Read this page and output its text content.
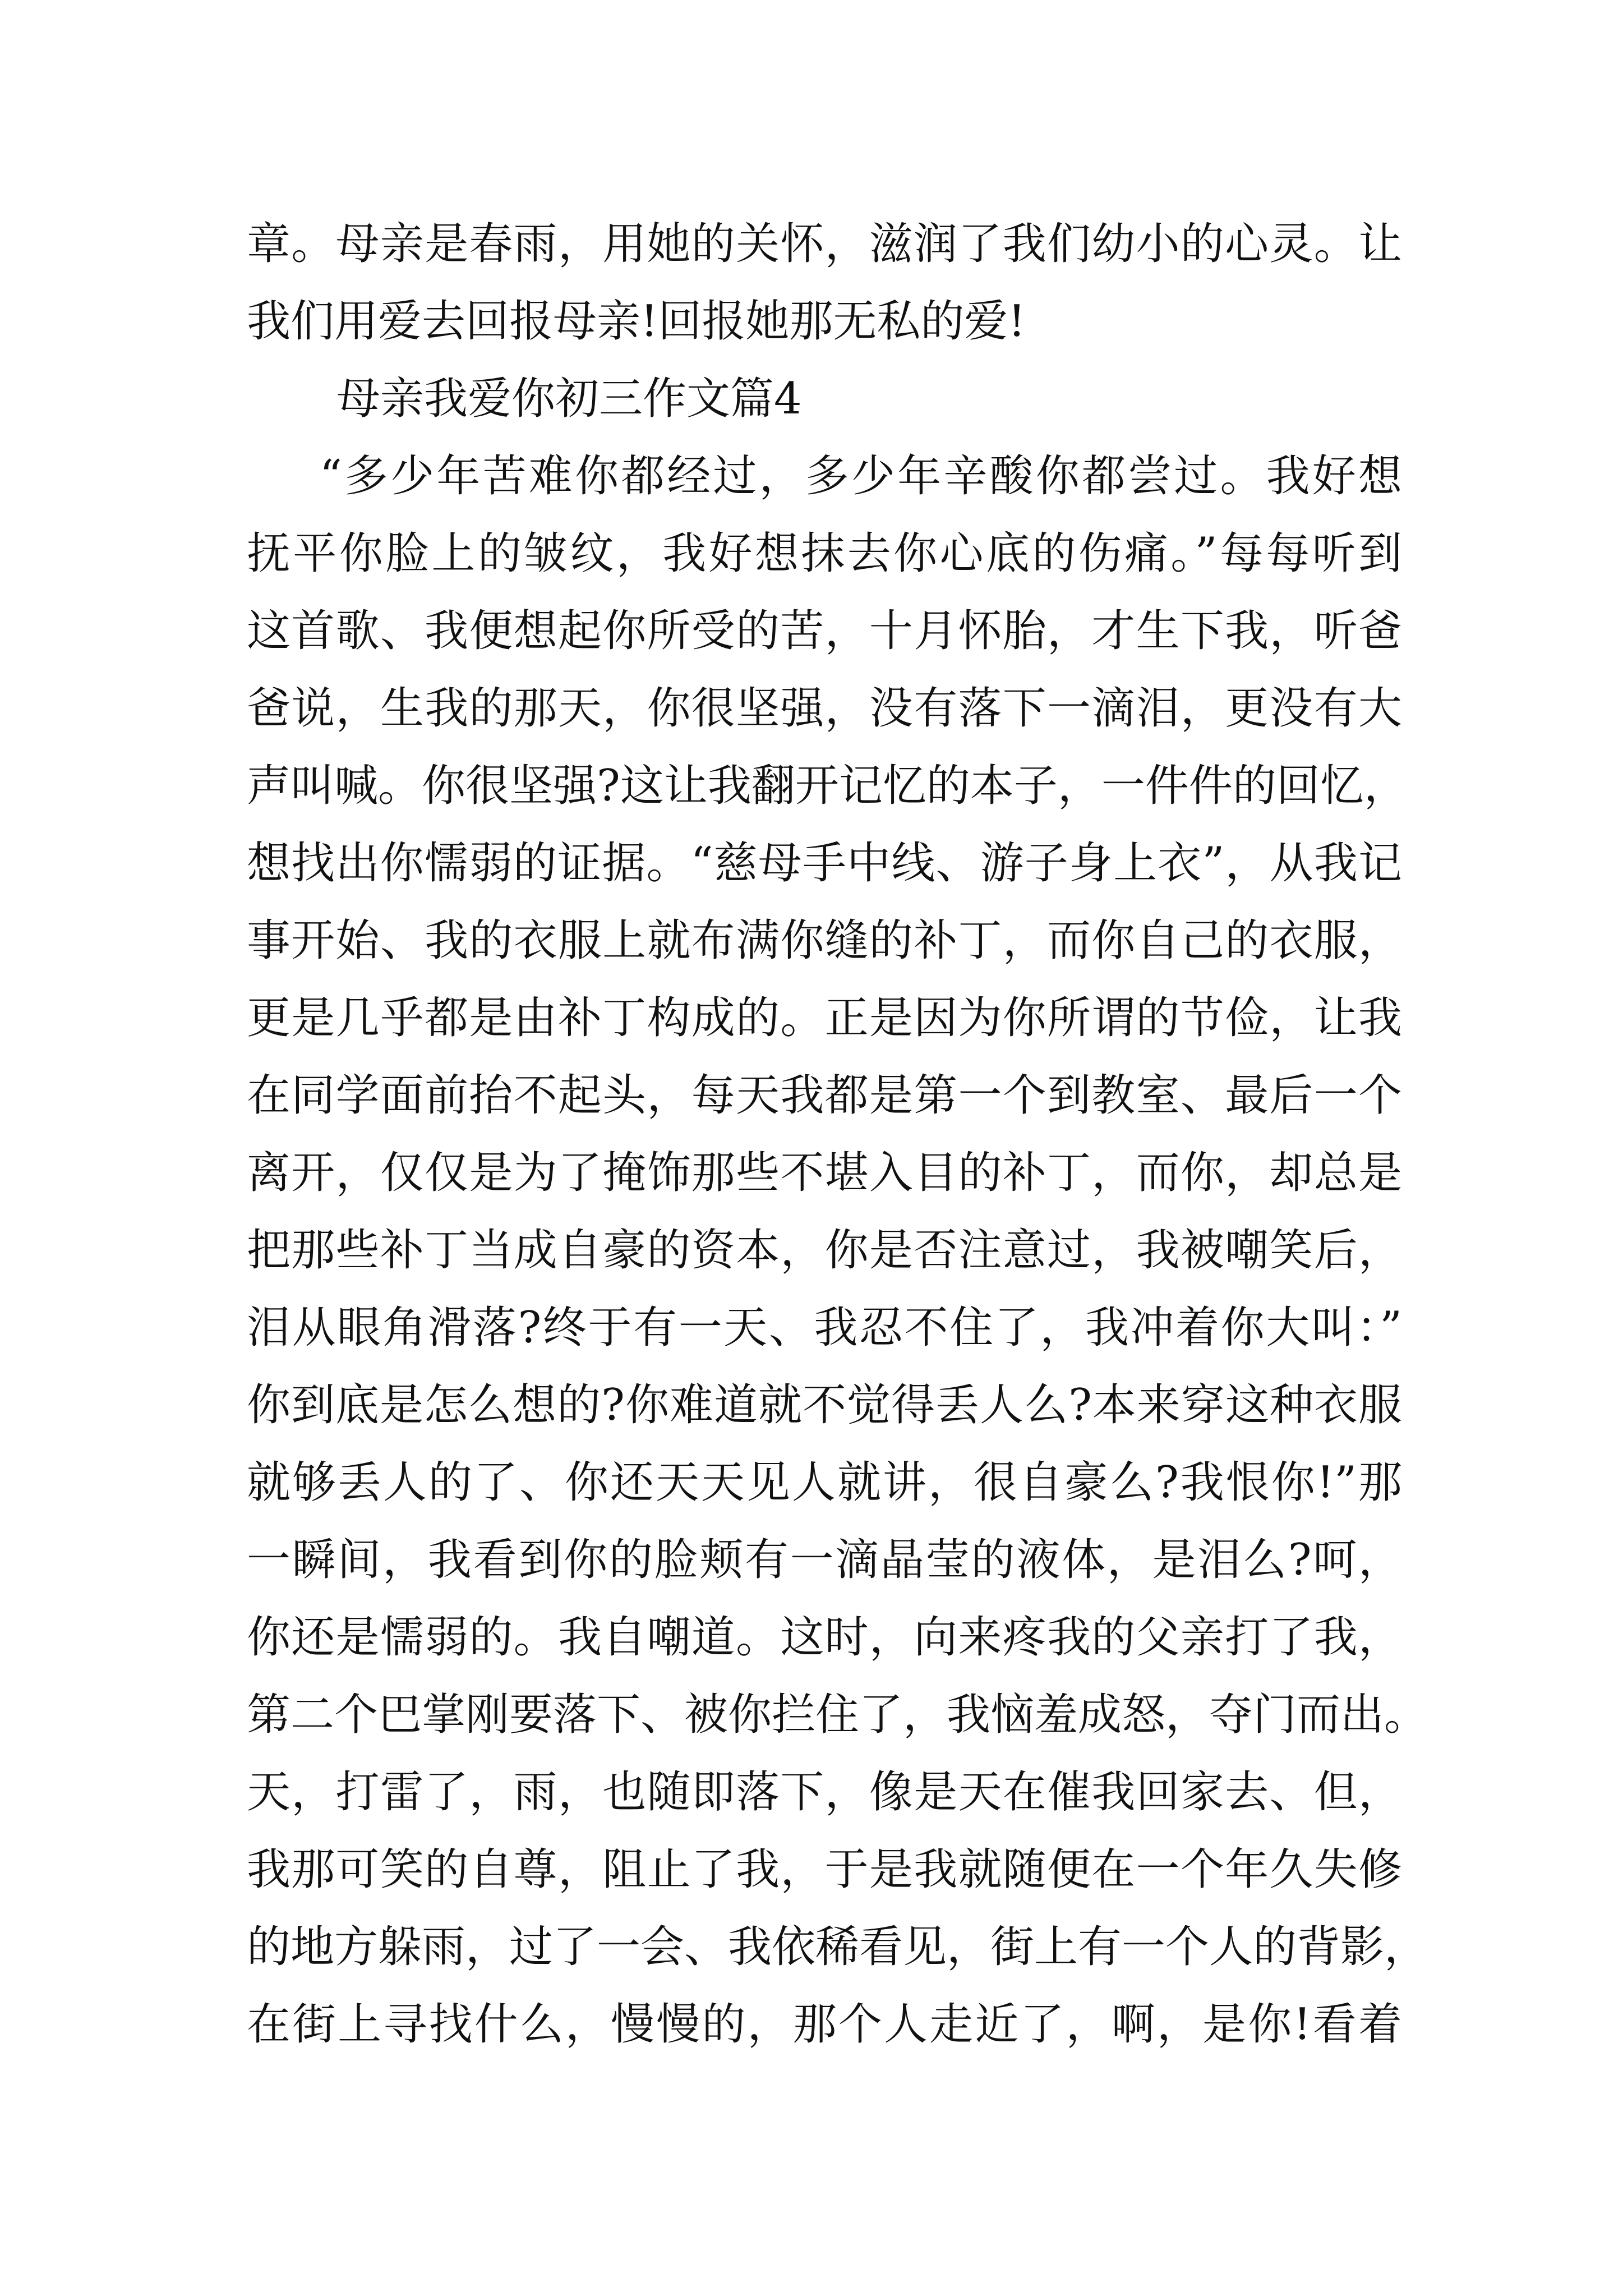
章。母亲是春雨，用她的关怀，滋润了我们幼小的心灵。让
我们用爱去回报母亲!回报她那无私的爱!
母亲我爱你初三作文篇4
“多少年苦难你都经过，多少年辛酸你都尝过。我好想
抚平你脸上的皱纹，我好想抹去你心底的伤痛。”每每听到
这首歌、我便想起你所受的苦，十月怀胎，才生下我，听爸
爸说，生我的那天，你很坚强，没有落下一滴泪，更没有大
声叫喊。你很坚强?这让我翻开记忆的本子，一件件的回忆，
想找出你懦弱的证据。“慈母手中线、游子身上衣”，从我记
事开始、我的衣服上就布满你缝的补丁，而你自己的衣服，
更是几乎都是由补丁构成的。正是因为你所谓的节俭，让我
在同学面前抬不起头，每天我都是第一个到教室、最后一个
离开，仅仅是为了掩饰那些不堪入目的补丁，而你，却总是
把那些补丁当成自豪的资本，你是否注意过，我被嘲笑后，
泪从眼角滑落?终于有一天、我忍不住了，我冲着你大叫：”
你到底是怎么想的?你难道就不觉得丢人么?本来穿这种衣服
就够丢人的了、你还天天见人就讲，很自豪么?我恨你!”那
一瞬间，我看到你的脸颊有一滴晶莹的液体，是泪么?呵，
你还是懦弱的。我自嘲道。这时，向来疼我的父亲打了我，
第二个巴掌刚要落下、被你拦住了，我恼羞成怒，夺门而出。
天，打雷了，雨，也随即落下，像是天在催我回家去、但，
我那可笑的自尊，阻止了我，于是我就随便在一个年久失修
的地方躲雨，过了一会、我依稀看见，街上有一个人的背影，
在街上寻找什么，慢慢的，那个人走近了，啊，是你!看着
